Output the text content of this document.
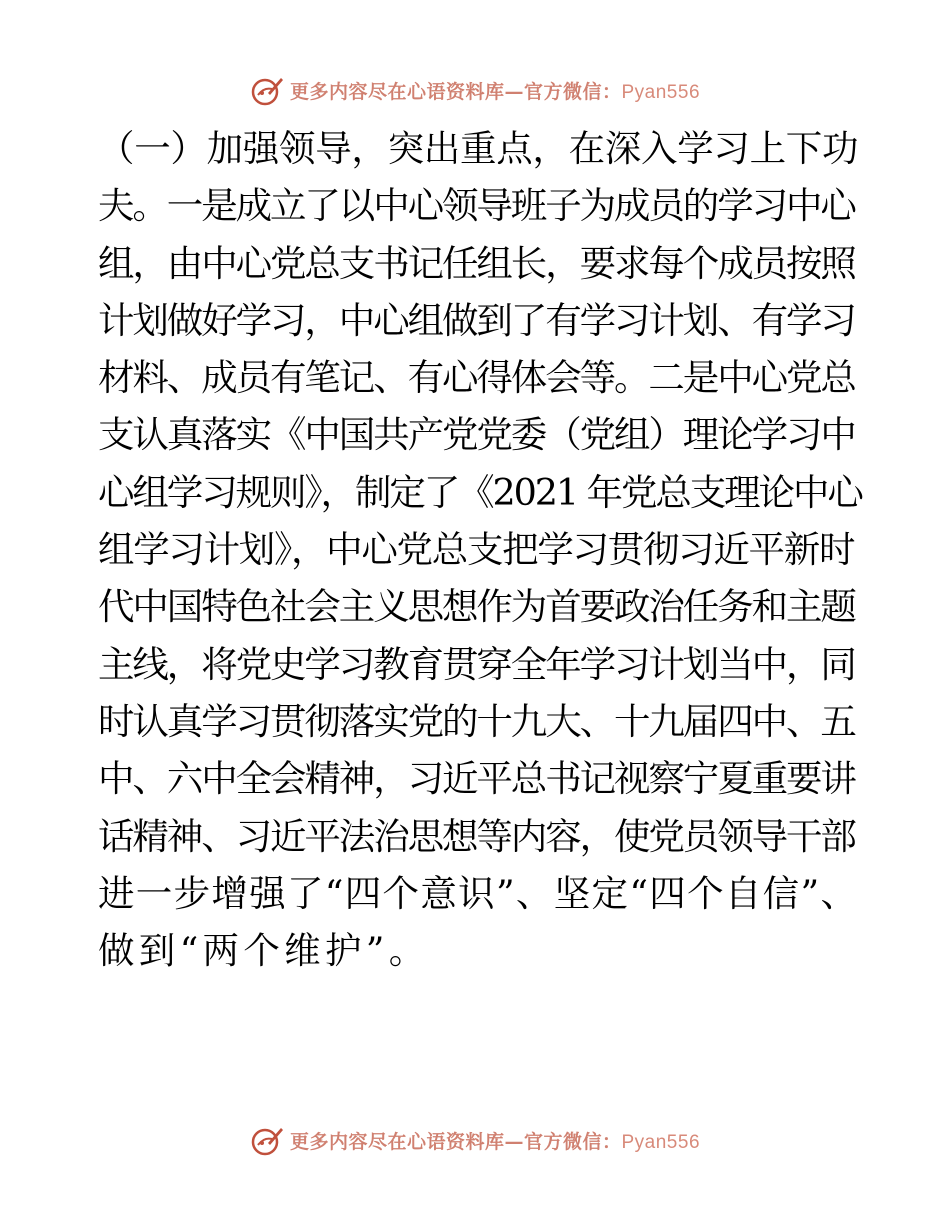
更多内容尽在心语资料库—官方微信：Pyan556

（一）加强领导，突出重点，在深入学习上下功
夫。一是成立了以中心领导班子为成员的学习中心
组，由中心党总支书记任组长，要求每个成员按照
计划做好学习，中心组做到了有学习计划、有学习
材料、成员有笔记、有心得体会等。二是中心党总
支认真落实《中国共产党党委（党组）理论学习中
心组学习规则》，制定了《2021 年党总支理论中心
组学习计划》，中心党总支把学习贯彻习近平新时
代中国特色社会主义思想作为首要政治任务和主题
主线，将党史学习教育贯穿全年学习计划当中，同
时认真学习贯彻落实党的十九大、十九届四中、五
中、六中全会精神，习近平总书记视察宁夏重要讲
话精神、习近平法治思想等内容，使党员领导干部
进一步增强了“四个意识”、坚定“四个自信”、
做到“两个维护”。

更多内容尽在心语资料库—官方微信：Pyan556
